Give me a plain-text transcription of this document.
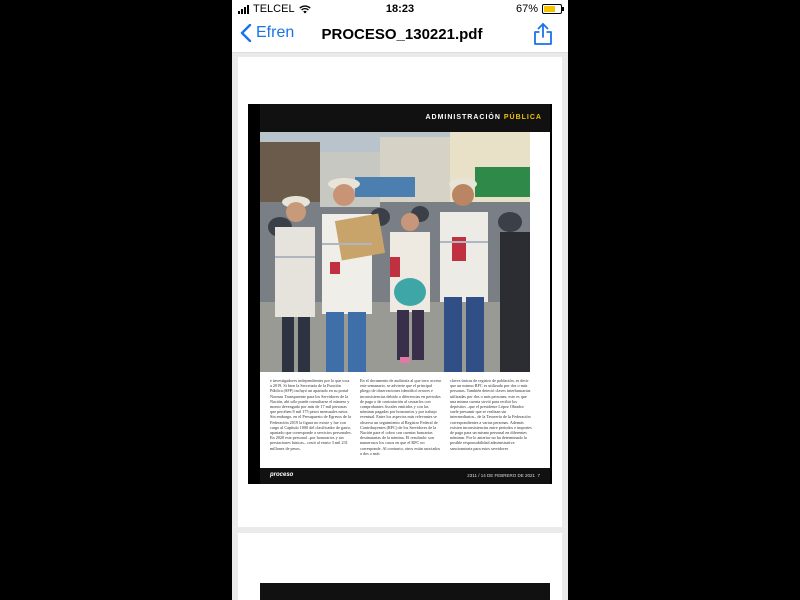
TELCEL	18:23	67%
Efren	PROCESO_130221.pdf
ADMINISTRACIÓN PÚBLICA
e investigadores independientes por lo que toca a 2019. Si bien la Secretaría de la Función Pública (SFP) incluyó un apartado en su portal Normas Transparente para los Servidores de la Nación, ahí sólo puede consultarse el número y monto devengado por más de 17 mil personas que perciben 8 mil 175 pesos mensuales netos. Sin embargo, en el Presupuesto de Egresos de la Federación 2019 la figura no existe y fue con cargo al Capítulo 1000 del clasificador de gasto, apartado que corresponde a servicios personales. En 2020 este personal –por honorarios y sin prestaciones básicas– costó al erario 3 mil 231 millones de pesos.
En el documento de auditoría al que tuvo acceso este semanario, se advierte que el principal pliego de observaciones identificó errores e inconsistencias debido a diferencias en periodos de pago o de contratación al cruzarlos con comprobantes fiscales emitidos y con las nóminas pagadas por honorarios y por trabajo eventual. Entre los aspectos más relevantes se observa un seguimiento al Registro Federal de Contribuyentes (RFC) de los Servidores de la Nación para el cobro con cuentas bancarias destinatarias de la nómina. El resultado: son numerosos los casos en que el RFC no corresponde. Al contrario, otros están asociados a dos o más
claves únicas de registro de población, es decir que un mismo RFC es utilizado por dos o más personas. También detectó claves interbancarias utilizadas por dos o más personas; esto es que una misma cuenta sirvió para recibir los depósitos –que el presidente López Obrador suele presumir que se realizan sin intermediarios– de la Tesorería de la Federación correspondientes a varias personas. Además existen inconsistencias entre periodos e importes de pago para un mismo personal en diferentes nóminas. Por lo anterior no ha determinado la posible responsabilidad administrativa sancionatoria para estos servidores
proceso	2311 / 14 DE FEBRERO DE 2021 7
